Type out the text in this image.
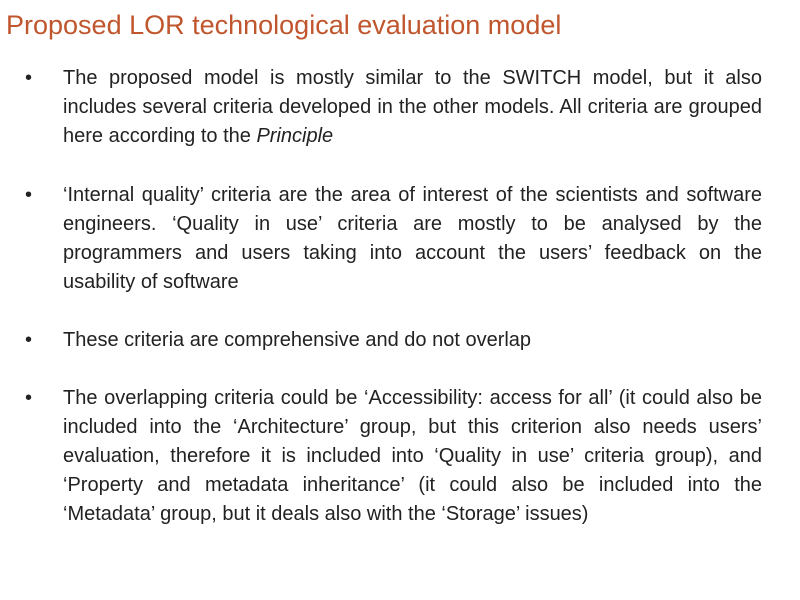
Proposed LOR technological evaluation model
• The proposed model is mostly similar to the SWITCH model, but it also includes several criteria developed in the other models. All criteria are grouped here according to the Principle

• ‘Internal quality’ criteria are the area of interest of the scientists and software engineers. ‘Quality in use’ criteria are mostly to be analysed by the programmers and users taking into account the users’ feedback on the usability of software

• These criteria are comprehensive and do not overlap

• The overlapping criteria could be ‘Accessibility: access for all’ (it could also be included into the ‘Architecture’ group, but this criterion also needs users’ evaluation, therefore it is included into ‘Quality in use’ criteria group), and ‘Property and metadata inheritance’ (it could also be included into the ‘Metadata’ group, but it deals also with the ‘Storage’ issues)
